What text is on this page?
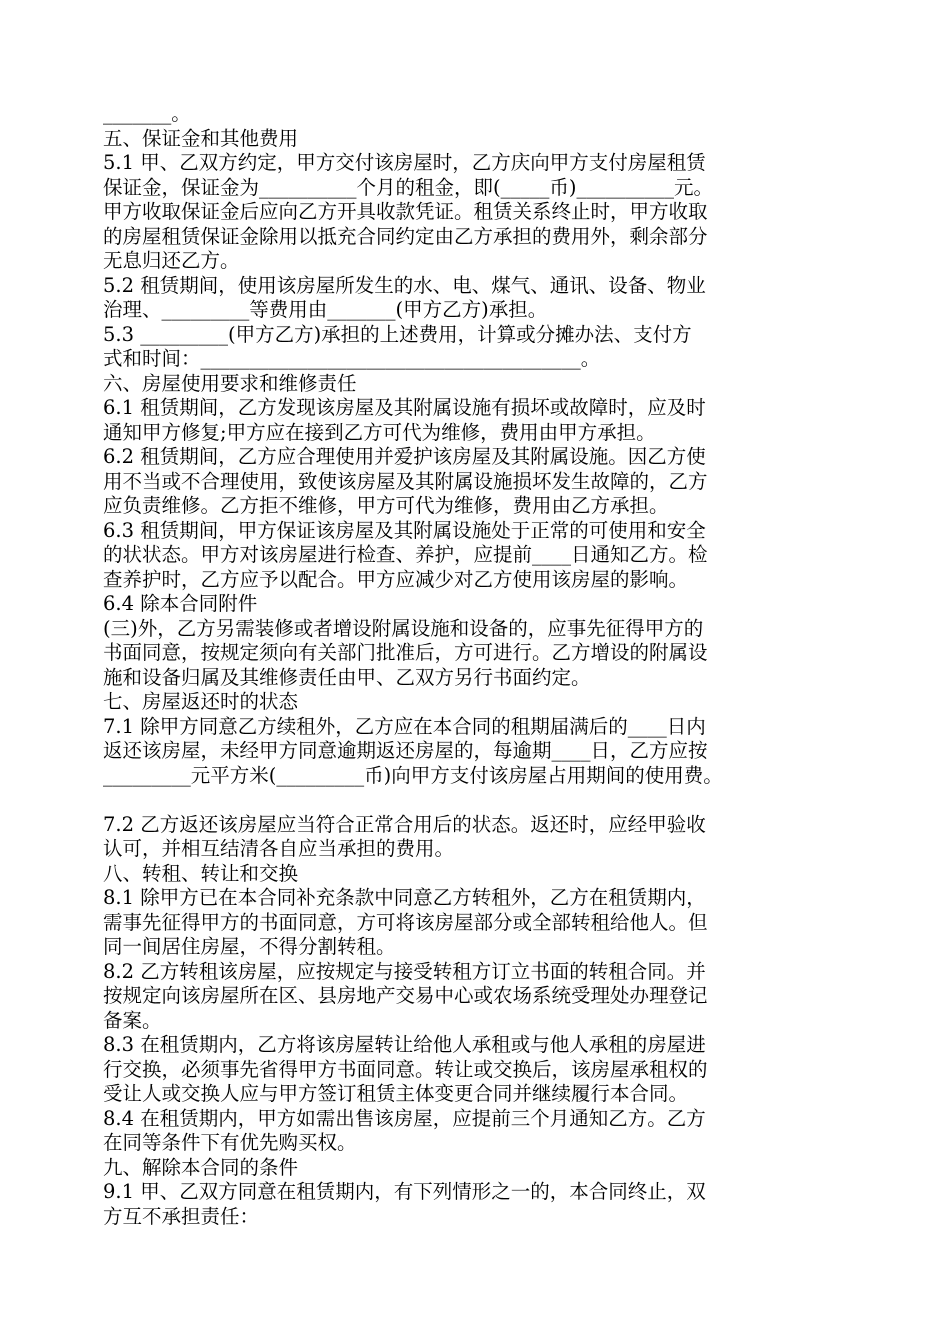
_______。
五、保证金和其他费用
5.1 甲、乙双方约定，甲方交付该房屋时，乙方庆向甲方支付房屋租赁
保证金，保证金为__________个月的租金，即(_____币)__________元。
甲方收取保证金后应向乙方开具收款凭证。租赁关系终止时，甲方收取
的房屋租赁保证金除用以抵充合同约定由乙方承担的费用外，剩余部分
无息归还乙方。
5.2 租赁期间，使用该房屋所发生的水、电、煤气、通讯、设备、物业
治理、_________等费用由_______(甲方乙方)承担。
5.3 _________(甲方乙方)承担的上述费用，计算或分摊办法、支付方
式和时间：_______________________________________。
六、房屋使用要求和维修责任
6.1 租赁期间，乙方发现该房屋及其附属设施有损坏或故障时，应及时
通知甲方修复;甲方应在接到乙方可代为维修，费用由甲方承担。
6.2 租赁期间，乙方应合理使用并爱护该房屋及其附属设施。因乙方使
用不当或不合理使用，致使该房屋及其附属设施损坏发生故障的，乙方
应负责维修。乙方拒不维修，甲方可代为维修，费用由乙方承担。
6.3 租赁期间，甲方保证该房屋及其附属设施处于正常的可使用和安全
的状状态。甲方对该房屋进行检查、养护，应提前____日通知乙方。检
查养护时，乙方应予以配合。甲方应减少对乙方使用该房屋的影响。
6.4 除本合同附件
(三)外，乙方另需装修或者增设附属设施和设备的，应事先征得甲方的
书面同意，按规定须向有关部门批准后，方可进行。乙方增设的附属设
施和设备归属及其维修责任由甲、乙双方另行书面约定。
七、房屋返还时的状态
7.1 除甲方同意乙方续租外，乙方应在本合同的租期届满后的____日内
返还该房屋，未经甲方同意逾期返还房屋的，每逾期____日，乙方应按
_________元平方米(_________币)向甲方支付该房屋占用期间的使用费。
7.2 乙方返还该房屋应当符合正常合用后的状态。返还时，应经甲验收
认可，并相互结清各自应当承担的费用。
八、转租、转让和交换
8.1 除甲方已在本合同补充条款中同意乙方转租外，乙方在租赁期内，
需事先征得甲方的书面同意，方可将该房屋部分或全部转租给他人。但
同一间居住房屋，不得分割转租。
8.2 乙方转租该房屋，应按规定与接受转租方订立书面的转租合同。并
按规定向该房屋所在区、县房地产交易中心或农场系统受理处办理登记
备案。
8.3 在租赁期内，乙方将该房屋转让给他人承租或与他人承租的房屋进
行交换，必须事先省得甲方书面同意。转让或交换后，该房屋承租权的
受让人或交换人应与甲方签订租赁主体变更合同并继续履行本合同。
8.4 在租赁期内，甲方如需出售该房屋，应提前三个月通知乙方。乙方
在同等条件下有优先购买权。
九、解除本合同的条件
9.1 甲、乙双方同意在租赁期内，有下列情形之一的，本合同终止，双
方互不承担责任：
